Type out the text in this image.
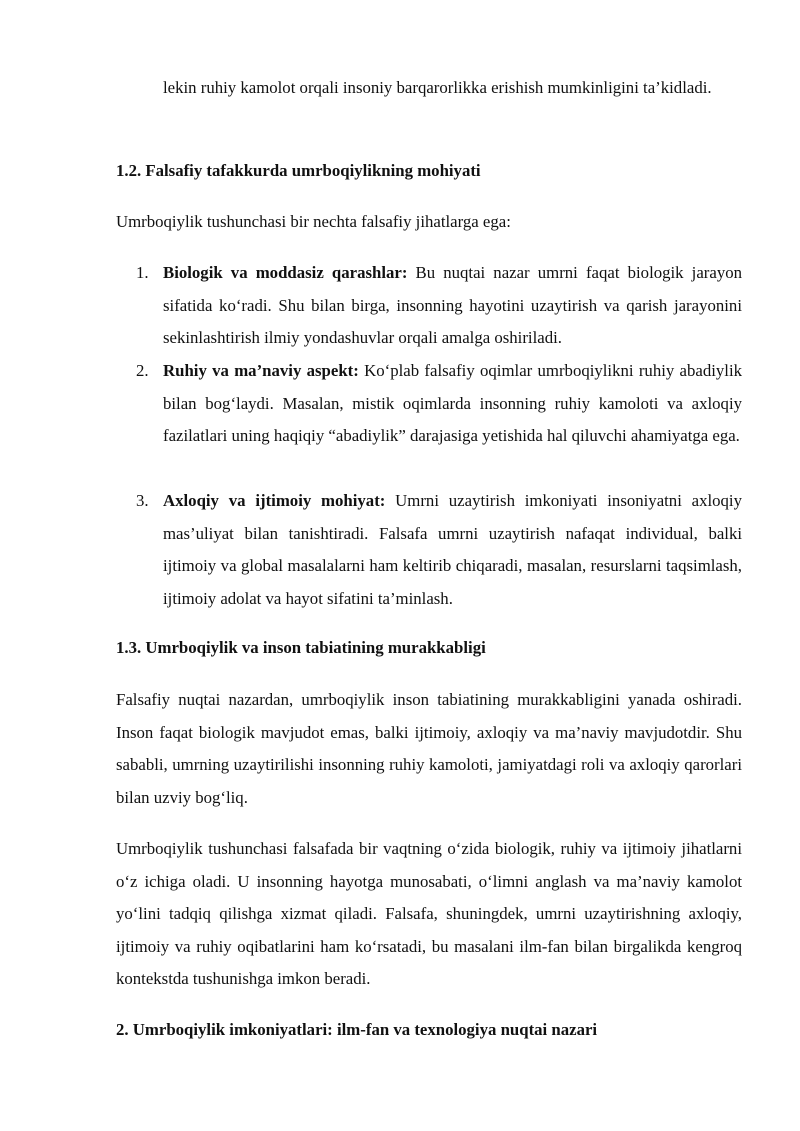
lekin ruhiy kamolot orqali insoniy barqarorlikka erishish mumkinligini ta’kidladi.

1.2. Falsafiy tafakkurda umrboqiylikning mohiyati

Umrboqiylik tushunchasi bir nechta falsafiy jihatlarga ega:

1. Biologik va moddasiz qarashlar: Bu nuqtai nazar umrni faqat biologik jarayon sifatida ko‘radi. Shu bilan birga, insonning hayotini uzaytirish va qarish jarayonini sekinlashtirish ilmiy yondashuvlar orqali amalga oshiriladi.
2. Ruhiy va ma’naviy aspekt: Ko‘plab falsafiy oqimlar umrboqiylikni ruhiy abadiylik bilan bog‘laydi. Masalan, mistik oqimlarda insonning ruhiy kamoloti va axloqiy fazilatlari uning haqiqiy “abadiylik” darajasiga yetishida hal qiluvchi ahamiyatga ega.
3. Axloqiy va ijtimoiy mohiyat: Umrni uzaytirish imkoniyati insoniyatni axloqiy mas’uliyat bilan tanishtiradi. Falsafa umrni uzaytirish nafaqat individual, balki ijtimoiy va global masalalarni ham keltirib chiqaradi, masalan, resurslarni taqsimlash, ijtimoiy adolat va hayot sifatini ta’minlash.

1.3. Umrboqiylik va inson tabiatining murakkabligi

Falsafiy nuqtai nazardan, umrboqiylik inson tabiatining murakkabligini yanada oshiradi. Inson faqat biologik mavjudot emas, balki ijtimoiy, axloqiy va ma’naviy mavjudotdir. Shu sababli, umrning uzaytirilishi insonning ruhiy kamoloti, jamiyatdagi roli va axloqiy qarorlari bilan uzviy bog‘liq.

Umrboqiylik tushunchasi falsafada bir vaqtning o‘zida biologik, ruhiy va ijtimoiy jihatlarni o‘z ichiga oladi. U insonning hayotga munosabati, o‘limni anglash va ma’naviy kamolot yo‘lini tadqiq qilishga xizmat qiladi. Falsafa, shuningdek, umrni uzaytirishning axloqiy, ijtimoiy va ruhiy oqibatlarini ham ko‘rsatadi, bu masalani ilm-fan bilan birgalikda kengroq kontekstda tushunishga imkon beradi.

2. Umrboqiylik imkoniyatlari: ilm-fan va texnologiya nuqtai nazari
